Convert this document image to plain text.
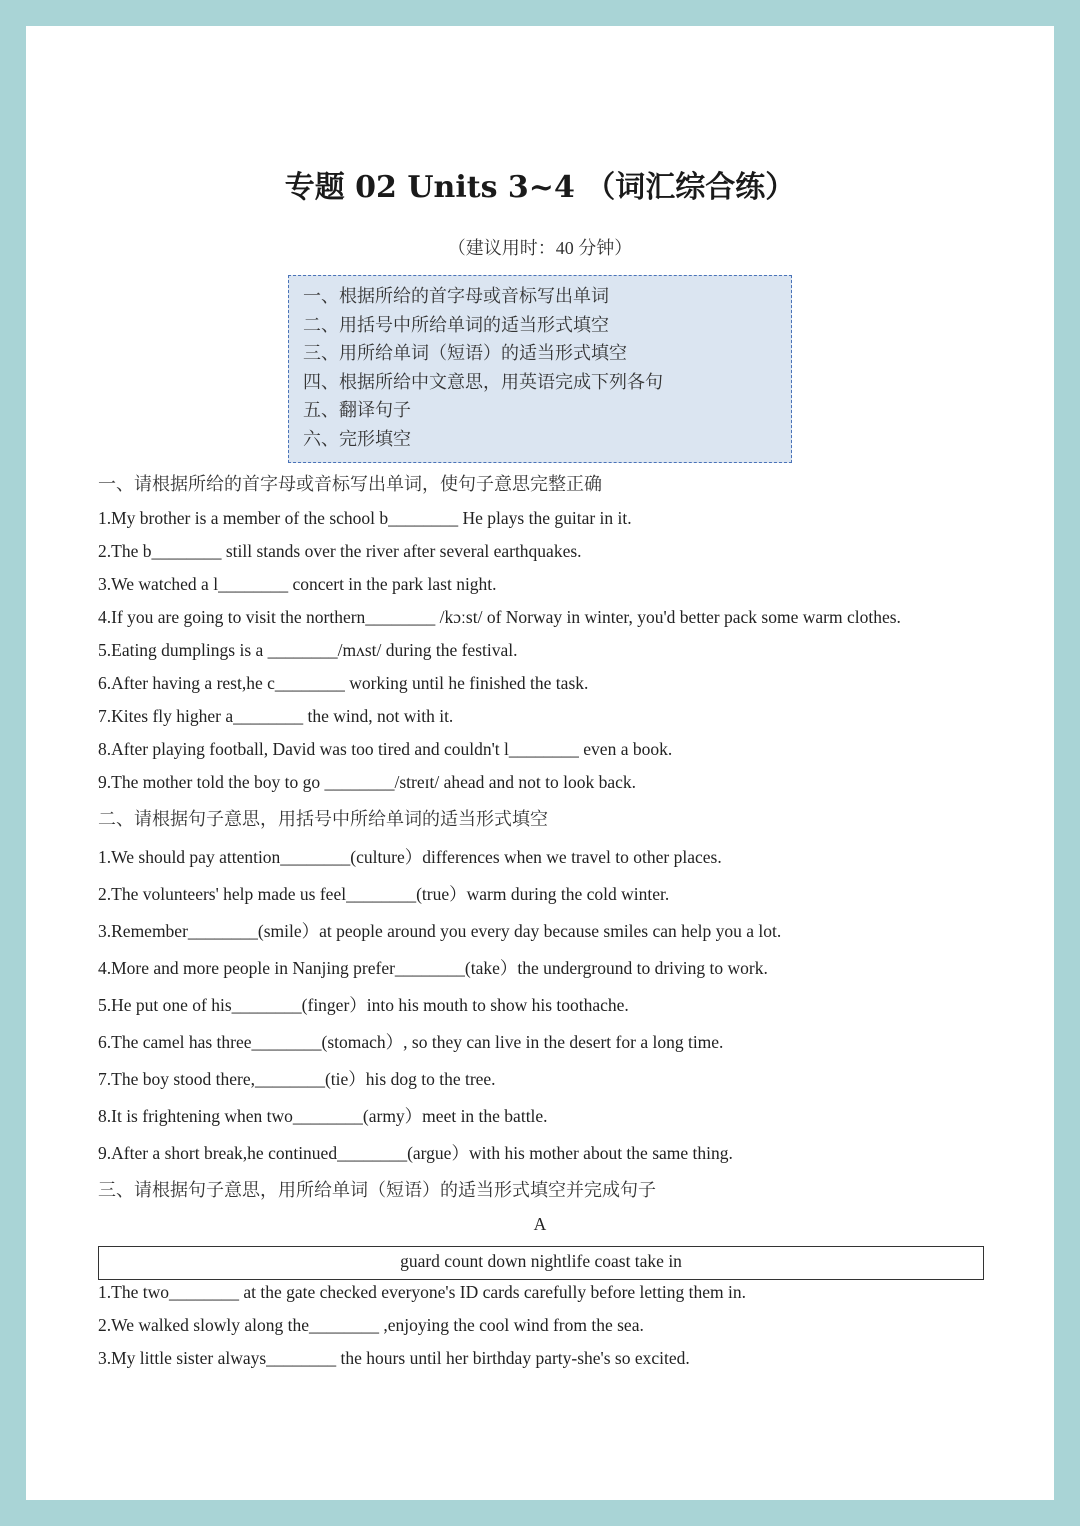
专题 02 Units 3~4 （词汇综合练）
（建议用时：40 分钟）
一、根据所给的首字母或音标写出单词
二、用括号中所给单词的适当形式填空
三、用所给单词（短语）的适当形式填空
四、根据所给中文意思，用英语完成下列各句
五、翻译句子
六、完形填空
一、请根据所给的首字母或音标写出单词，使句子意思完整正确
1.My brother is a member of the school b________ He plays the guitar in it.
2.The b________ still stands over the river after several earthquakes.
3.We watched a l________ concert in the park last night.
4.If you are going to visit the northern________ /kɔːst/ of Norway in winter, you'd better pack some warm clothes.
5.Eating dumplings is a ________/mʌst/ during the festival.
6.After having a rest,he c________ working until he finished the task.
7.Kites fly higher a________ the wind, not with it.
8.After playing football, David was too tired and couldn't l________ even a book.
9.The mother told the boy to go ________/streɪt/ ahead and not to look back.
二、请根据句子意思，用括号中所给单词的适当形式填空
1.We should pay attention________(culture）differences when we travel to other places.
2.The volunteers' help made us feel________(true）warm during the cold winter.
3.Remember________(smile）at people around you every day because smiles can help you a lot.
4.More and more people in Nanjing prefer________(take）the underground to driving to work.
5.He put one of his________(finger）into his mouth to show his toothache.
6.The camel has three________(stomach）, so they can live in the desert for a long time.
7.The boy stood there,________(tie）his dog to the tree.
8.It is frightening when two________(army）meet in the battle.
9.After a short break,he continued________(argue）with his mother about the same thing.
三、请根据句子意思，用所给单词（短语）的适当形式填空并完成句子
A
guard count down nightlife coast take in
1.The two________ at the gate checked everyone's ID cards carefully before letting them in.
2.We walked slowly along the________ ,enjoying the cool wind from the sea.
3.My little sister always________ the hours until her birthday party-she's so excited.
